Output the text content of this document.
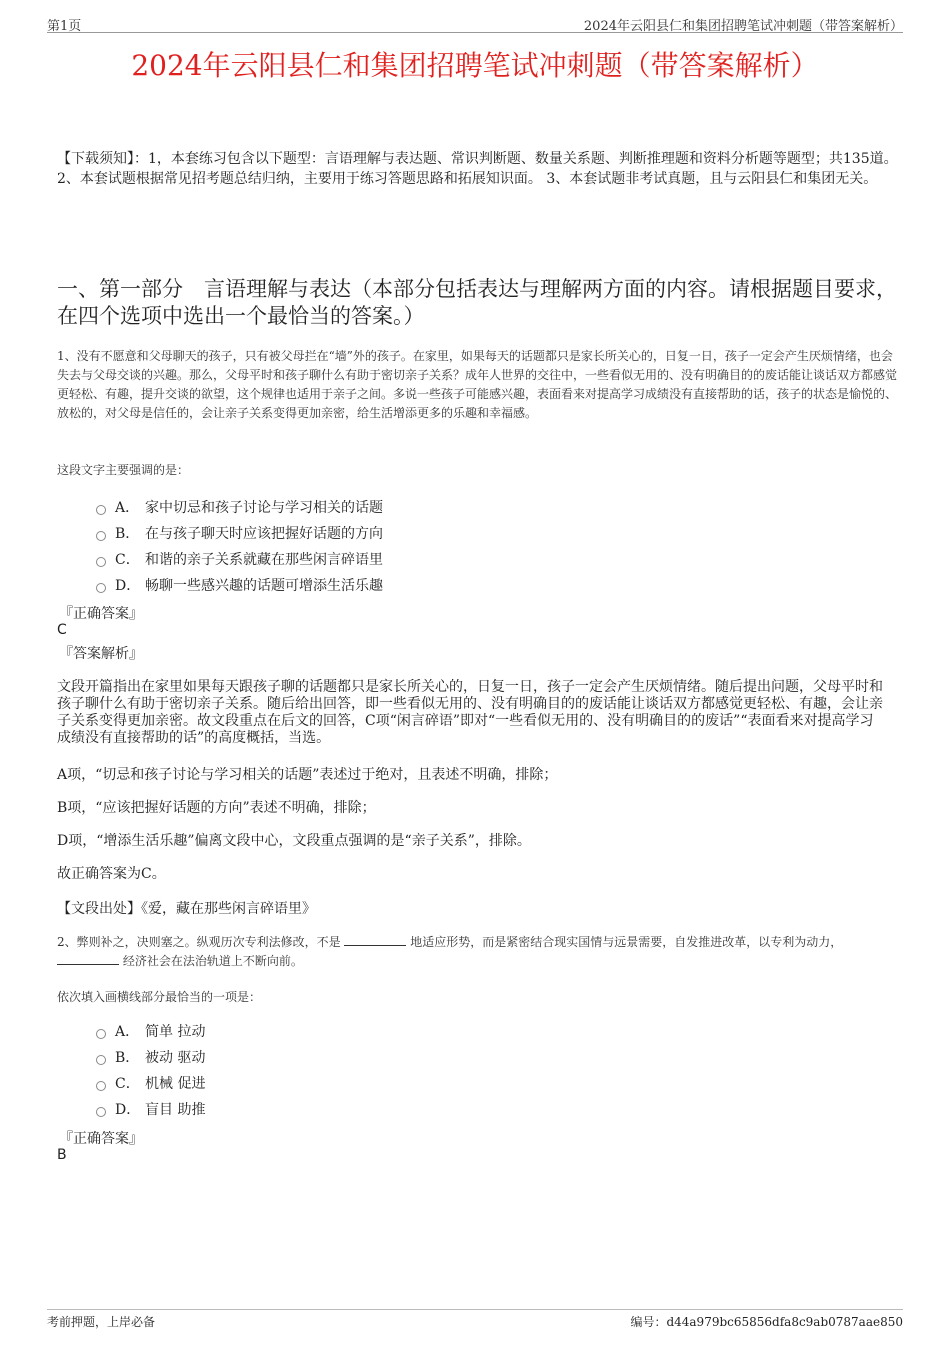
第1页	2024年云阳县仁和集团招聘笔试冲刺题（带答案解析）
2024年云阳县仁和集团招聘笔试冲刺题（带答案解析）
【下载须知】：1，本套练习包含以下题型：言语理解与表达题、常识判断题、数量关系题、判断推理题和资料分析题等题型；共135道。 2、本套试题根据常见招考题总结归纳，主要用于练习答题思路和拓展知识面。 3、本套试题非考试真题，且与云阳县仁和集团无关。
一、第一部分　言语理解与表达（本部分包括表达与理解两方面的内容。请根据题目要求，在四个选项中选出一个最恰当的答案。）
1、没有不愿意和父母聊天的孩子，只有被父母拦在“墙”外的孩子。在家里，如果每天的话题都只是家长所关心的，日复一日，孩子一定会产生厌烦情绪，也会失去与父母交谈的兴趣。那么，父母平时和孩子聊什么有助于密切亲子关系？成年人世界的交往中，一些看似无用的、没有明确目的的废话能让谈话双方都感觉更轻松、有趣，提升交谈的欲望，这个规律也适用于亲子之间。多说一些孩子可能感兴趣，表面看来对提高学习成绩没有直接帮助的话，孩子的状态是愉悦的、放松的，对父母是信任的，会让亲子关系变得更加亲密，给生活增添更多的乐趣和幸福感。
这段文字主要强调的是：
A． 家中切忌和孩子讨论与学习相关的话题
B． 在与孩子聊天时应该把握好话题的方向
C． 和谐的亲子关系就藏在那些闲言碎语里
D． 畅聊一些感兴趣的话题可增添生活乐趣
『正确答案』
C
『答案解析』
文段开篇指出在家里如果每天跟孩子聊的话题都只是家长所关心的，日复一日，孩子一定会产生厌烦情绪。随后提出问题，父母平时和孩子聊什么有助于密切亲子关系。随后给出回答，即一些看似无用的、没有明确目的的废话能让谈话双方都感觉更轻松、有趣，会让亲子关系变得更加亲密。故文段重点在后文的回答，C项“闲言碎语”即对“一些看似无用的、没有明确目的的废话”“表面看来对提高学习成绩没有直接帮助的话”的高度概括，当选。
A项，“切忌和孩子讨论与学习相关的话题”表述过于绝对，且表述不明确，排除；
B项，“应该把握好话题的方向”表述不明确，排除；
D项，“增添生活乐趣”偏离文段中心，文段重点强调的是“亲子关系”，排除。
故正确答案为C。
【文段出处】《爱，藏在那些闲言碎语里》
2、弊则补之，决则塞之。纵观历次专利法修改，不是	地适应形势，而是紧密结合现实国情与远景需要，自发推进改革，以专利为动力，  经济社会在法治轨道上不断向前。
依次填入画横线部分最恰当的一项是：
A． 简单 拉动
B． 被动 驱动
C． 机械 促进
D． 盲目 助推
『正确答案』
B
考前押题，上岸必备	编号：d44a979bc65856dfa8c9ab0787aae850
